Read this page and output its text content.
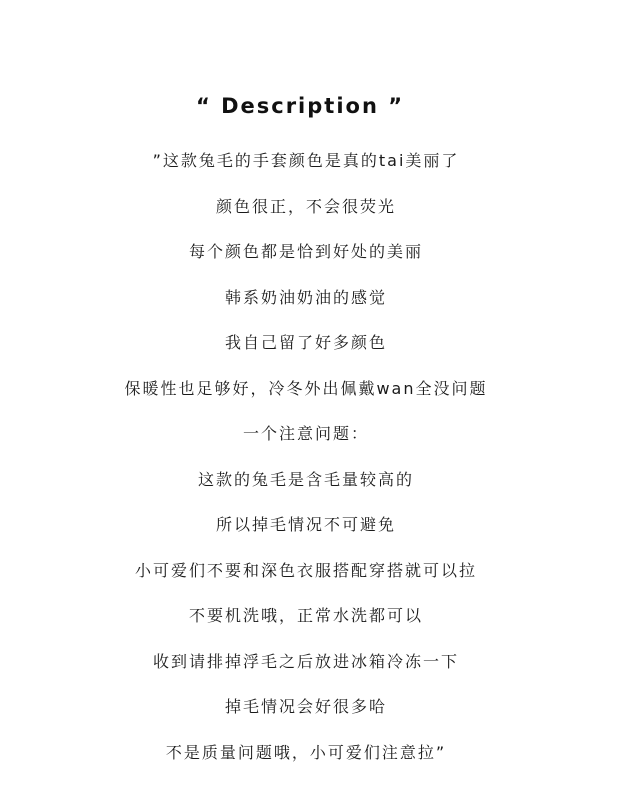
“ Description ”
”这款兔毛的手套颜色是真的tai美丽了
颜色很正，不会很荧光
每个颜色都是恰到好处的美丽
韩系奶油奶油的感觉
我自己留了好多颜色
保暖性也足够好，冷冬外出佩戴wan全没问题
一个注意问题：
这款的兔毛是含毛量较高的
所以掉毛情况不可避免
小可爱们不要和深色衣服搭配穿搭就可以拉
不要机洗哦，正常水洗都可以
收到请排掉浮毛之后放进冰箱冷冻一下
掉毛情况会好很多哈
不是质量问题哦，小可爱们注意拉”
